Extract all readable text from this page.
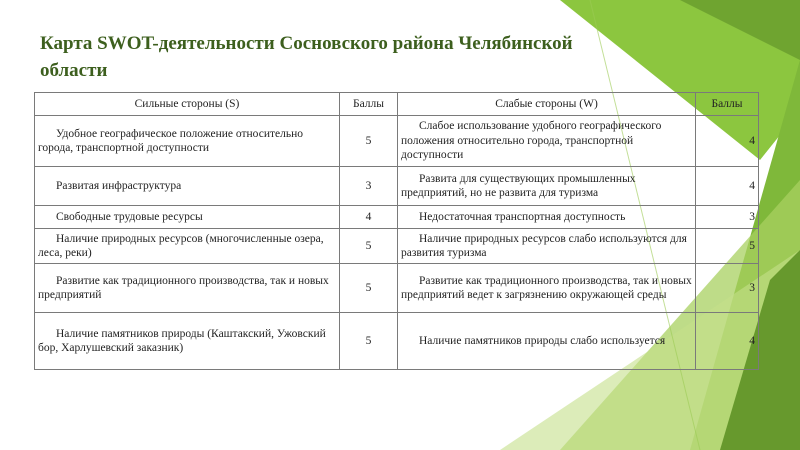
Карта SWOT-деятельности Сосновского района Челябинской области
Сильные стороны (S)	Баллы	Слабые стороны (W)	Баллы
Удобное географическое положение относительно города, транспортной доступности	5	Слабое использование удобного географического положения относительно города, транспортной доступности	4
Развитая инфраструктура	3	Развита для существующих промышленных предприятий, но не развита для туризма	4
Свободные трудовые ресурсы	4	Недостаточная транспортная доступность	3
Наличие природных ресурсов (многочисленные озера, леса, реки)	5	Наличие природных ресурсов слабо используются для развития туризма	5
Развитие как традиционного производства, так и новых предприятий	5	Развитие как традиционного производства, так и новых предприятий ведет к загрязнению окружающей среды	3
Наличие памятников природы (Каштакский, Ужовский бор, Харлушевский заказник)	5	Наличие памятников природы слабо используется	4
